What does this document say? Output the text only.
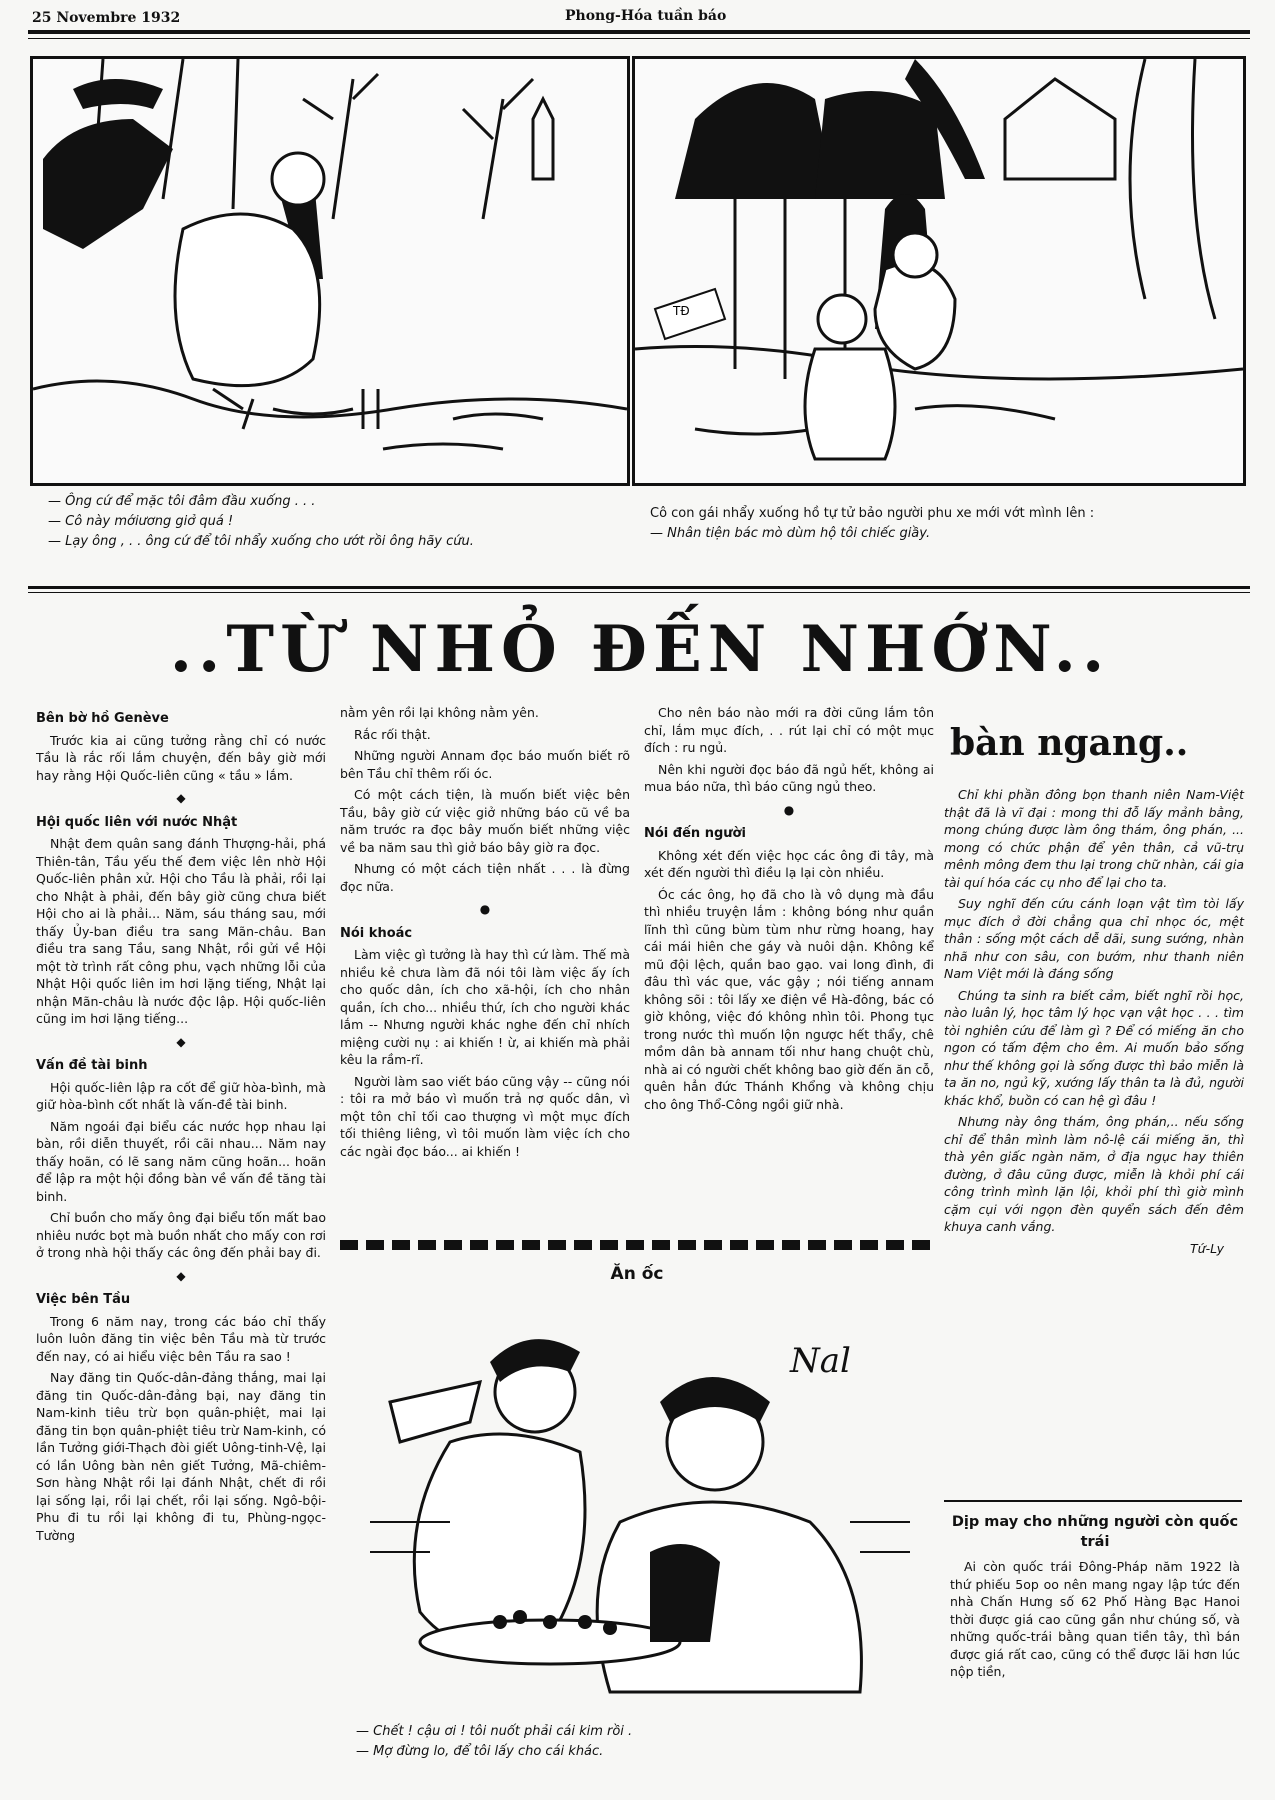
25 Novembre 1932	Phong-Hóa tuần báo
TĐ
— Ông cứ để mặc tôi đâm đầu xuống . . .
— Cô này mớiương giở quá !
— Lạy ông , . . ông cứ để tôi nhẩy xuống cho ướt rồi ông hãy cứu.
Cô con gái nhẩy xuống hồ tự tử bảo người phu xe mới vớt mình lên :
— Nhân tiện bác mò dùm hộ tôi chiếc giầy.
..TỪ NHỎ ĐẾN NHỚN..
Bên bờ hồ Genève

Trước kia ai cũng tưởng rằng chỉ có nước Tầu là rắc rối lắm chuyện, đến bây giờ mới hay rằng Hội Quốc-liên cũng « tầu » lắm.

◆
Hội quốc liên với nước Nhật

Nhật đem quân sang đánh Thượng-hải, phá Thiên-tân, Tầu yếu thế đem việc lên nhờ Hội Quốc-liên phân xử. Hội cho Tầu là phải, rồi lại cho Nhật à phải, đến bây giờ cũng chưa biết Hội cho ai là phải... Năm, sáu tháng sau, mới thấy Ủy-ban điều tra sang Mãn-châu. Ban điều tra sang Tầu, sang Nhật, rồi gửi về Hội một tờ trình rất công phu, vạch những lỗi của Nhật Hội quốc liên im hơi lặng tiếng, Nhật lại nhận Mãn-châu là nước độc lập. Hội quốc-liên cũng im hơi lặng tiếng...

◆
Vấn đề tài binh

Hội quốc-liên lập ra cốt để giữ hòa-bình, mà giữ hòa-bình cốt nhất là vấn-đề tài binh.

Năm ngoái đại biểu các nước họp nhau lại bàn, rồi diễn thuyết, rồi cãi nhau... Năm nay thấy hoãn, có lẽ sang năm cũng hoãn... hoãn để lập ra một hội đồng bàn về vấn đề tăng tài binh.

Chỉ buồn cho mấy ông đại biểu tốn mất bao nhiêu nước bọt mà buồn nhất cho mấy con rơi ở trong nhà hội thấy các ông đến phải bay đi.

◆
Việc bên Tầu

Trong 6 năm nay, trong các báo chỉ thấy luôn luôn đăng tin việc bên Tầu mà từ trước đến nay, có ai hiểu việc bên Tầu ra sao !

Nay đăng tin Quốc-dân-đảng thắng, mai lại đăng tin Quốc-dân-đảng bại, nay đăng tin Nam-kinh tiêu trừ bọn quân-phiệt, mai lại đăng tin bọn quân-phiệt tiêu trừ Nam-kinh, có lần Tưởng giới-Thạch đòi giết Uông-tinh-Vệ, lại có lần Uông bàn nên giết Tưởng, Mã-chiêm-Sơn hàng Nhật rồi lại đánh Nhật, chết đi rồi lại sống lại, rồi lại chết, rồi lại sống. Ngô-bội-Phu đi tu rồi lại không đi tu, Phùng-ngọc-Tường

nằm yên rồi lại không nằm yên.

Rắc rối thật.

Những người Annam đọc báo muốn biết rõ bên Tầu chỉ thêm rối óc.

Có một cách tiện, là muốn biết việc bên Tầu, bây giờ cứ việc giở những báo cũ về ba năm trước ra đọc bây muốn biết những việc về ba năm sau thì giở báo bây giờ ra đọc.

Nhưng có một cách tiện nhất . . . là đừng đọc nữa.

●
Nói khoác

Làm việc gì tưởng là hay thì cứ làm. Thế mà nhiều kẻ chưa làm đã nói tôi làm việc ấy ích cho quốc dân, ích cho xã-hội, ích cho nhân quần, ích cho... nhiều thứ, ích cho người khác lắm -- Nhưng người khác nghe đến chỉ nhích miệng cười nụ : ai khiến ! ừ, ai khiến mà phải kêu la rầm-rĩ.

Người làm sao viết báo cũng vậy -- cũng nói : tôi ra mở báo vì muốn trả nợ quốc dân, vì một tôn chỉ tối cao thượng vì một mục đích tối thiêng liêng, vì tôi muốn làm việc ích cho các ngài đọc báo... ai khiến !

Cho nên báo nào mới ra đời cũng lắm tôn chỉ, lắm mục đích, . . rút lại chỉ có một mục đích : ru ngủ.

Nên khi người đọc báo đã ngủ hết, không ai mua báo nữa, thì báo cũng ngủ theo.

●
Nói đến người

Không xét đến việc học các ông đi tây, mà xét đến người thì điều lạ lại còn nhiều.

Óc các ông, họ đã cho là vô dụng mà đầu thì nhiều truyện lắm : không bóng như quần lĩnh thì cũng bùm tùm như rừng hoang, hay cái mái hiên che gáy và nuôi dận. Không kể mũ đội lệch, quần bao gạo. vai long đình, đi đâu thì vác que, vác gậy ; nói tiếng annam không sõi : tôi lấy xe điện về Hà-đông, bác có giờ không, việc đó không nhìn tôi. Phong tục trong nước thì muốn lộn ngược hết thẩy, chê mồm dân bà annam tối như hang chuột chù, nhà ai có người chết không bao giờ đến ăn cỗ, quên hẳn đức Thánh Khổng và không chịu cho ông Thổ-Công ngồi giữ nhà.

bàn ngang..

Chỉ khi phần đông bọn thanh niên Nam-Việt thật đã là vĩ đại : mong thi đỗ lấy mảnh bằng, mong chúng được làm ông thám, ông phán, ... mong có chức phận để yên thân, cả vũ-trụ mênh mông đem thu lại trong chữ nhàn, cái gia tài quí hóa các cụ nho để lại cho ta.

Suy nghĩ đến cứu cánh loạn vật tìm tòi lấy mục đích ở đời chẳng qua chỉ nhọc óc, mệt thân : sống một cách dễ dãi, sung sướng, nhàn nhã như con sâu, con bướm, như thanh niên Nam Việt mới là đáng sống

Chúng ta sinh ra biết cảm, biết nghĩ rồi học, nào luân lý, học tâm lý học vạn vật học . . . tìm tòi nghiên cứu để làm gì ? Để có miếng ăn cho ngon có tấm đệm cho êm. Ai muốn bảo sống như thế không gọi là sống được thì bảo miễn là ta ăn no, ngủ kỹ, xướng lấy thân ta là đủ, người khác khổ, buồn có can hệ gì đâu !

Nhưng này ông thám, ông phán,.. nếu sống chỉ để thân mình làm nô-lệ cái miếng ăn, thì thà yên giấc ngàn năm, ở địa ngục hay thiên đường, ở đâu cũng được, miễn là khỏi phí cái công trình mình lặn lội, khỏi phí thì giờ mình cặm cụi với ngọn đèn quyển sách đến đêm khuya canh vắng.

Tứ-Ly
Dịp may cho những người còn quốc trái

Ai còn quốc trái Đông-Pháp năm 1922 là thứ phiếu 5op oo nên mang ngay lập tức đến nhà Chấn Hưng số 62 Phố Hàng Bạc Hanoi thời được giá cao cũng gần như chúng số, và những quốc-trái bằng quan tiền tây, thì bán được giá rất cao, cũng có thể được lãi hơn lúc nộp tiền,

Ăn ốc
Nal
— Chết ! cậu ơi ! tôi nuốt phải cái kim rồi .
— Mợ đừng lo, để tôi lấy cho cái khác.
